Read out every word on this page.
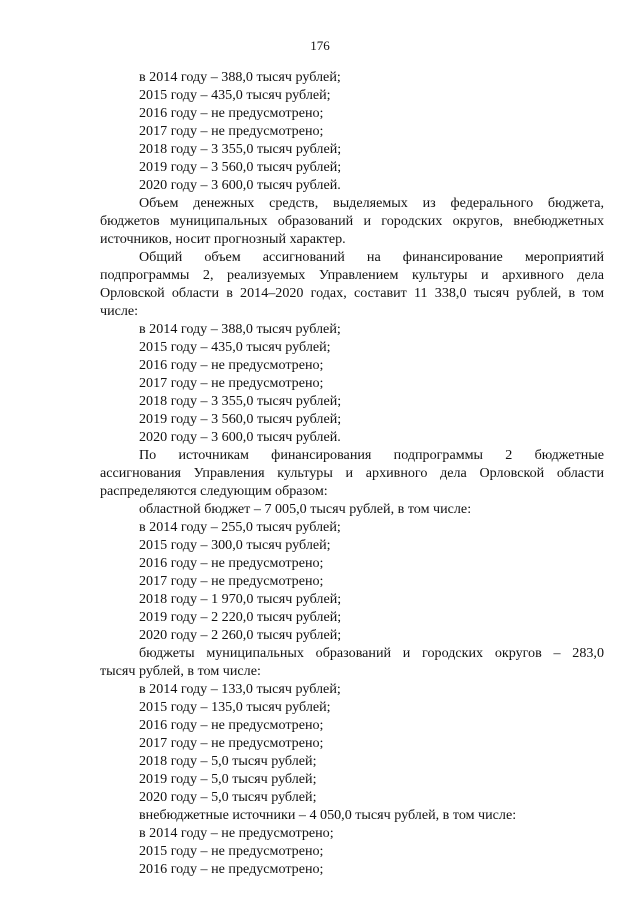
176

в 2014 году – 388,0 тысяч рублей;

2015 году – 435,0 тысяч рублей;

2016 году – не предусмотрено;

2017 году – не предусмотрено;

2018 году – 3 355,0 тысяч рублей;

2019 году – 3 560,0 тысяч рублей;

2020 году – 3 600,0 тысяч рублей.

Объем денежных средств, выделяемых из федерального бюджета,

бюджетов муниципальных образований и городских округов, внебюджетных

источников, носит прогнозный характер.

Общий объем ассигнований на финансирование мероприятий

подпрограммы 2, реализуемых Управлением культуры и архивного дела

Орловской области в 2014–2020 годах, составит 11 338,0 тысяч рублей, в том

числе:

в 2014 году – 388,0 тысяч рублей;

2015 году – 435,0 тысяч рублей;

2016 году – не предусмотрено;

2017 году – не предусмотрено;

2018 году – 3 355,0 тысяч рублей;

2019 году – 3 560,0 тысяч рублей;

2020 году – 3 600,0 тысяч рублей.

По источникам финансирования подпрограммы 2 бюджетные

ассигнования Управления культуры и архивного дела Орловской области

распределяются следующим образом:

областной бюджет – 7 005,0 тысяч рублей, в том числе:

в 2014 году – 255,0 тысяч рублей;

2015 году – 300,0 тысяч рублей;

2016 году – не предусмотрено;

2017 году – не предусмотрено;

2018 году – 1 970,0 тысяч рублей;

2019 году – 2 220,0 тысяч рублей;

2020 году – 2 260,0 тысяч рублей;

бюджеты муниципальных образований и городских округов – 283,0

тысяч рублей, в том числе:

в 2014 году – 133,0 тысяч рублей;

2015 году – 135,0 тысяч рублей;

2016 году – не предусмотрено;

2017 году – не предусмотрено;

2018 году – 5,0 тысяч рублей;

2019 году – 5,0 тысяч рублей;

2020 году – 5,0 тысяч рублей;

внебюджетные источники – 4 050,0 тысяч рублей, в том числе:

в 2014 году – не предусмотрено;

2015 году – не предусмотрено;

2016 году – не предусмотрено;
